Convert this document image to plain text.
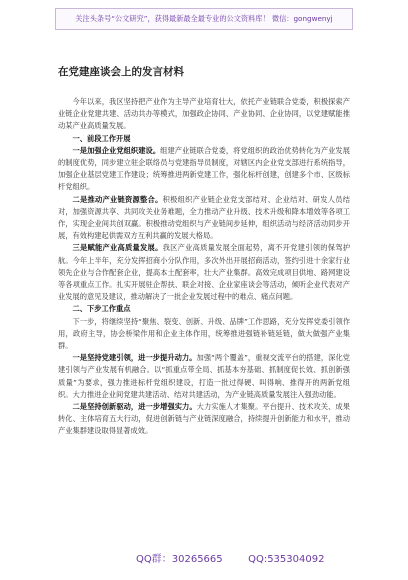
关注头条号“公文研究”，获得最新最全最专业的公文资料库！ 微信：gongwenyj
在党建座谈会上的发言材料

今年以来，我区坚持把产业作为主导产业培育壮大，依托产业链联合党委，积极探索产业链企业党建共建、活动共办等模式，加强政企协同、产业协同、企业协同，以党建赋能推动某产业高质量发展。

一、前段工作开展

一是加强企业党组织建设。组建产业链联合党委，将党组织的政治优势转化为产业发展的制度优势，同步建立驻企联络员与党建指导员制度，对辖区内企业党支部进行系统指导，加强企业基层党建工作建设；统筹推进两新党建工作，强化标杆创建，创建多个市、区级标杆党组织。

二是推动产业链资源整合。积极组织产业链企业党支部结对、企业结对、研发人员结对，加强资源共享、共同攻关业务难题，全力推动产业升级、技术升级和降本增效等各项工作，实现企业间共创双赢。积极推动党组织与产业链间步延伸，组织活动与经济活动同步开展，有效构建起供需双方互利共赢的发展大格局。

三是赋能产业高质量发展。我区产业高质量发展全面起势，离不开党建引领的保驾护航。今年上半年，充分发挥招商小分队作用，多次外出开展招商活动，签约引进十余家行业领先企业与合作配套企业，提高本土配套率，壮大产业集群。高效完成项目供地、路网建设等各项重点工作。扎实开展驻企帮扶、联企对接、企业家座谈会等活动，倾听企业代表对产业发展的意见及建议，推动解决了一批企业发展过程中的难点、痛点问题。

二、下步工作重点

下一步，将继续坚持“聚焦、裂变、创新、升级、品牌”工作思路，充分发挥党委引领作用，政府主导，协会桥梁作用和企业主体作用，统筹推进强链补链延链，做大做强产业集群。

一是坚持党建引领，进一步提升动力。加强“两个覆盖”，重视交流平台的搭建，深化党建引领与产业发展有机融合。以“抓重点带全局、抓基本夯基础、抓制度促长效、抓创新强质量”为要求，强力推进标杆党组织建设，打造一批过得硬、叫得响、推得开的两新党组织。大力推进企业间党建共建活动、结对共建活动，为产业链高质量发展注入强劲动能。

二是坚持创新驱动，进一步增强实力。大力实施人才集聚。平台提升、技术攻关、成果转化、主体培育五大行动，促进创新链与产业链深度融合，持续提升创新能力和水平，推动产业集群建设取得显著成效。

QQ群：30265665	QQ:535304092
